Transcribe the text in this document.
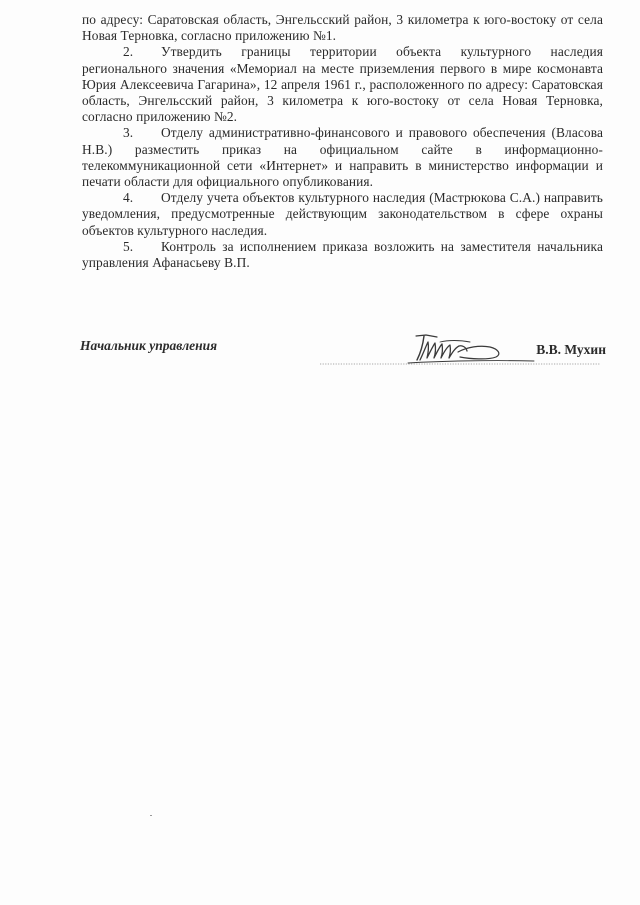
по адресу: Саратовская область, Энгельсский район, 3 километра к юго-востоку от села Новая Терновка, согласно приложению №1.

2. Утвердить границы территории объекта культурного наследия регионального значения «Мемориал на месте приземления первого в мире космонавта Юрия Алексеевича Гагарина», 12 апреля 1961 г., расположенного по адресу: Саратовская область, Энгельсский район, 3 километра к юго-востоку от села Новая Терновка, согласно приложению №2.

3. Отделу административно-финансового и правового обеспечения (Власова Н.В.) разместить приказ на официальном сайте в информационно-телекоммуникационной сети «Интернет» и направить в министерство информации и печати области для официального опубликования.

4. Отделу учета объектов культурного наследия (Мастрюкова С.А.) направить уведомления, предусмотренные действующим законодательством в сфере охраны объектов культурного наследия.

5. Контроль за исполнением приказа возложить на заместителя начальника управления Афанасьеву В.П.

Начальник управления	В.В. Мухин
